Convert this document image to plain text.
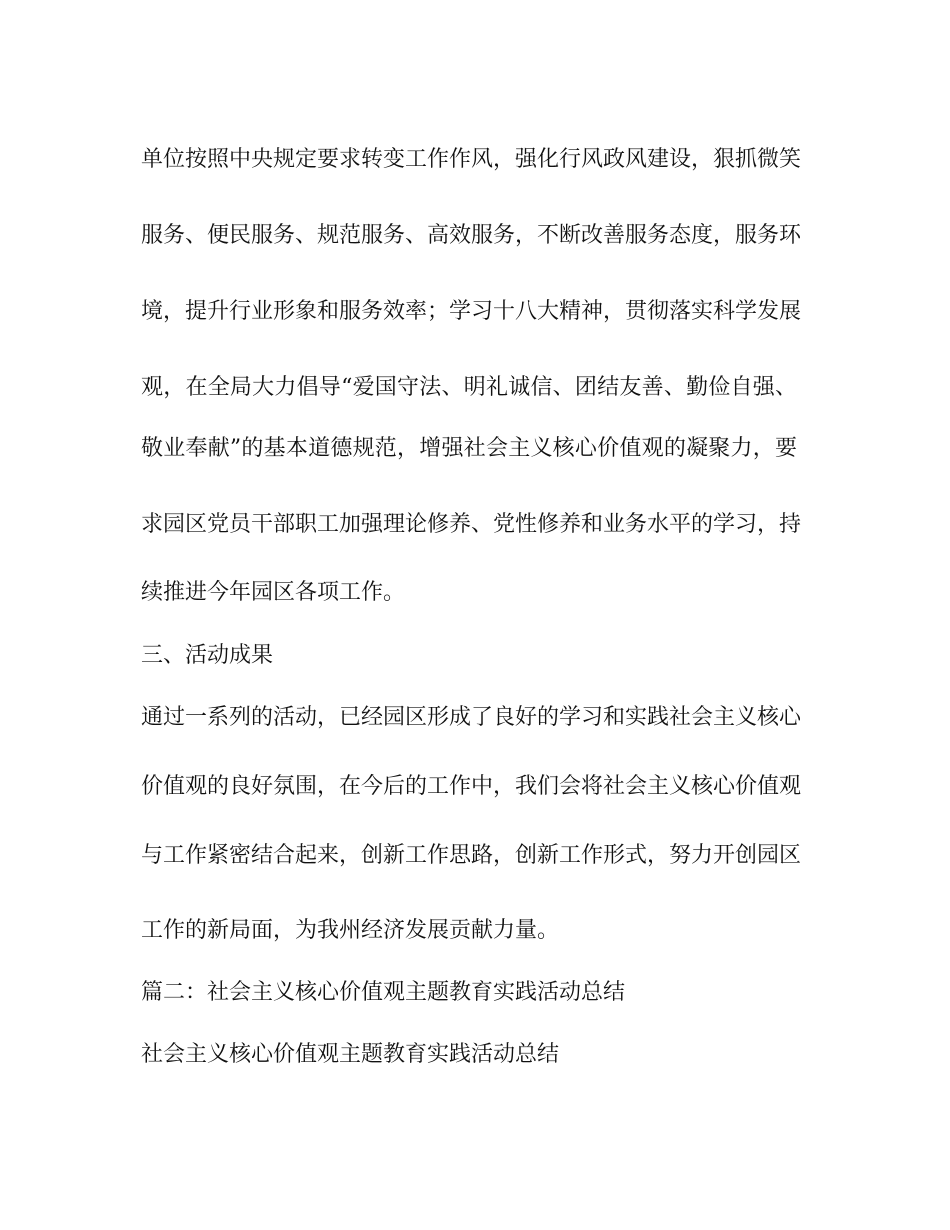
单位按照中央规定要求转变工作作风，强化行风政风建设，狠抓微笑
服务、便民服务、规范服务、高效服务，不断改善服务态度，服务环
境，提升行业形象和服务效率；学习十八大精神，贯彻落实科学发展
观，在全局大力倡导“爱国守法、明礼诚信、团结友善、勤俭自强、
敬业奉献”的基本道德规范，增强社会主义核心价值观的凝聚力，要
求园区党员干部职工加强理论修养、党性修养和业务水平的学习，持
续推进今年园区各项工作。
三、活动成果
通过一系列的活动，已经园区形成了良好的学习和实践社会主义核心
价值观的良好氛围，在今后的工作中，我们会将社会主义核心价值观
与工作紧密结合起来，创新工作思路，创新工作形式，努力开创园区
工作的新局面，为我州经济发展贡献力量。
篇二：社会主义核心价值观主题教育实践活动总结
社会主义核心价值观主题教育实践活动总结
